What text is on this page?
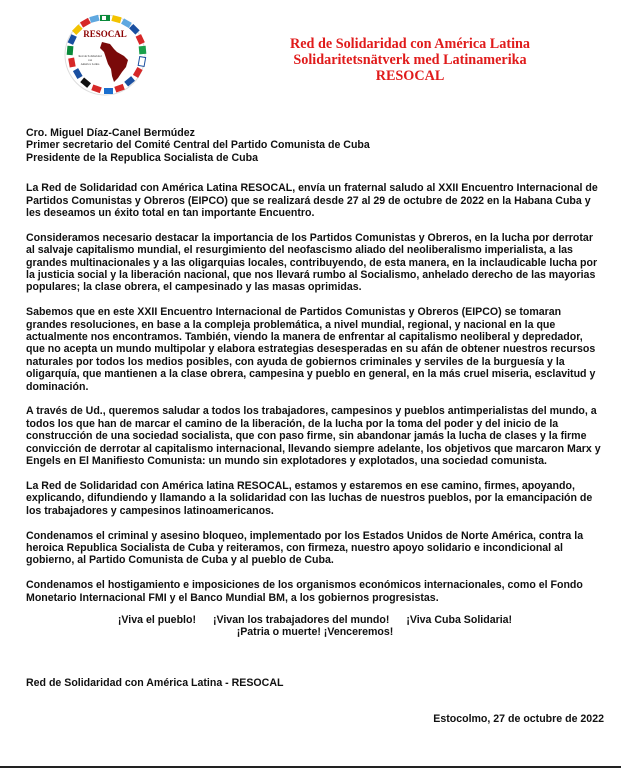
RESOCAL
Red de Solidaridad
con
América Latina
Red de Solidaridad con América Latina
Solidaritetsnätverk med Latinamerika
RESOCAL

Cro. Miguel Díaz-Canel Bermúdez
Primer secretario del Comité Central del Partido Comunista de Cuba
Presidente de la Republica Socialista de Cuba

La Red de Solidaridad con América Latina RESOCAL, envía un fraternal saludo al XXII Encuentro Internacional de Partidos Comunistas y Obreros (EIPCO) que se realizará desde 27 al 29 de octubre de 2022 en la Habana Cuba y les deseamos un éxito total en tan importante Encuentro.

Consideramos necesario destacar la importancia de los Partidos Comunistas y Obreros, en la lucha por derrotar al salvaje capitalismo mundial, el resurgimiento del neofascismo aliado del neoliberalismo imperialista, a las grandes multinacionales y a las oligarquias locales, contribuyendo, de esta manera, en la inclaudicable lucha por la justicia social y la liberación nacional, que nos llevará rumbo al Socialismo, anhelado derecho de las mayorias populares; la clase obrera, el campesinado y las masas oprimidas.

Sabemos que en este XXII Encuentro Internacional de Partidos Comunistas y Obreros (EIPCO) se tomaran grandes resoluciones, en base a la compleja problemática, a nivel mundial, regional, y nacional en la que actualmente nos encontramos. También, viendo la manera de enfrentar al capitalismo neoliberal y depredador, que no acepta un mundo multipolar y elabora estrategias desesperadas en su afán de obtener nuestros recursos naturales por todos los medios posibles, con ayuda de gobiernos criminales y serviles de la burguesía y la oligarquía, que mantienen a la clase obrera, campesina y pueblo en general, en la más cruel miseria, esclavitud y dominación.

A través de Ud., queremos saludar a todos los trabajadores, campesinos y pueblos antimperialistas del mundo, a todos los que han de marcar el camino de la liberación, de la lucha por la toma del poder y del inicio de la construcción de una sociedad socialista, que con paso firme, sin abandonar jamás la lucha de clases y la firme convicción de derrotar al capitalismo internacional, llevando siempre adelante, los objetivos que marcaron Marx y Engels en El Manifiesto Comunista: un mundo sin explotadores y explotados, una sociedad comunista.

La Red de Solidaridad con América latina RESOCAL, estamos y estaremos en ese camino, firmes, apoyando, explicando, difundiendo y llamando a la solidaridad con las luchas de nuestros pueblos, por la emancipación de los trabajadores y campesinos latinoamericanos.

Condenamos el criminal y asesino bloqueo, implementado por los Estados Unidos de Norte América, contra la heroica Republica Socialista de Cuba y reiteramos, con firmeza, nuestro apoyo solidario e incondicional al gobierno, al Partido Comunista de Cuba y al pueblo de Cuba.

Condenamos el hostigamiento e imposiciones de los organismos económicos internacionales, como el Fondo Monetario Internacional FMI y el Banco Mundial BM, a los gobiernos progresistas.

¡Viva el pueblo! ¡Vivan los trabajadores del mundo! ¡Viva Cuba Solidaria!

¡Patria o muerte! ¡Venceremos!

Red de Solidaridad con América Latina - RESOCAL

Estocolmo, 27 de octubre de 2022
